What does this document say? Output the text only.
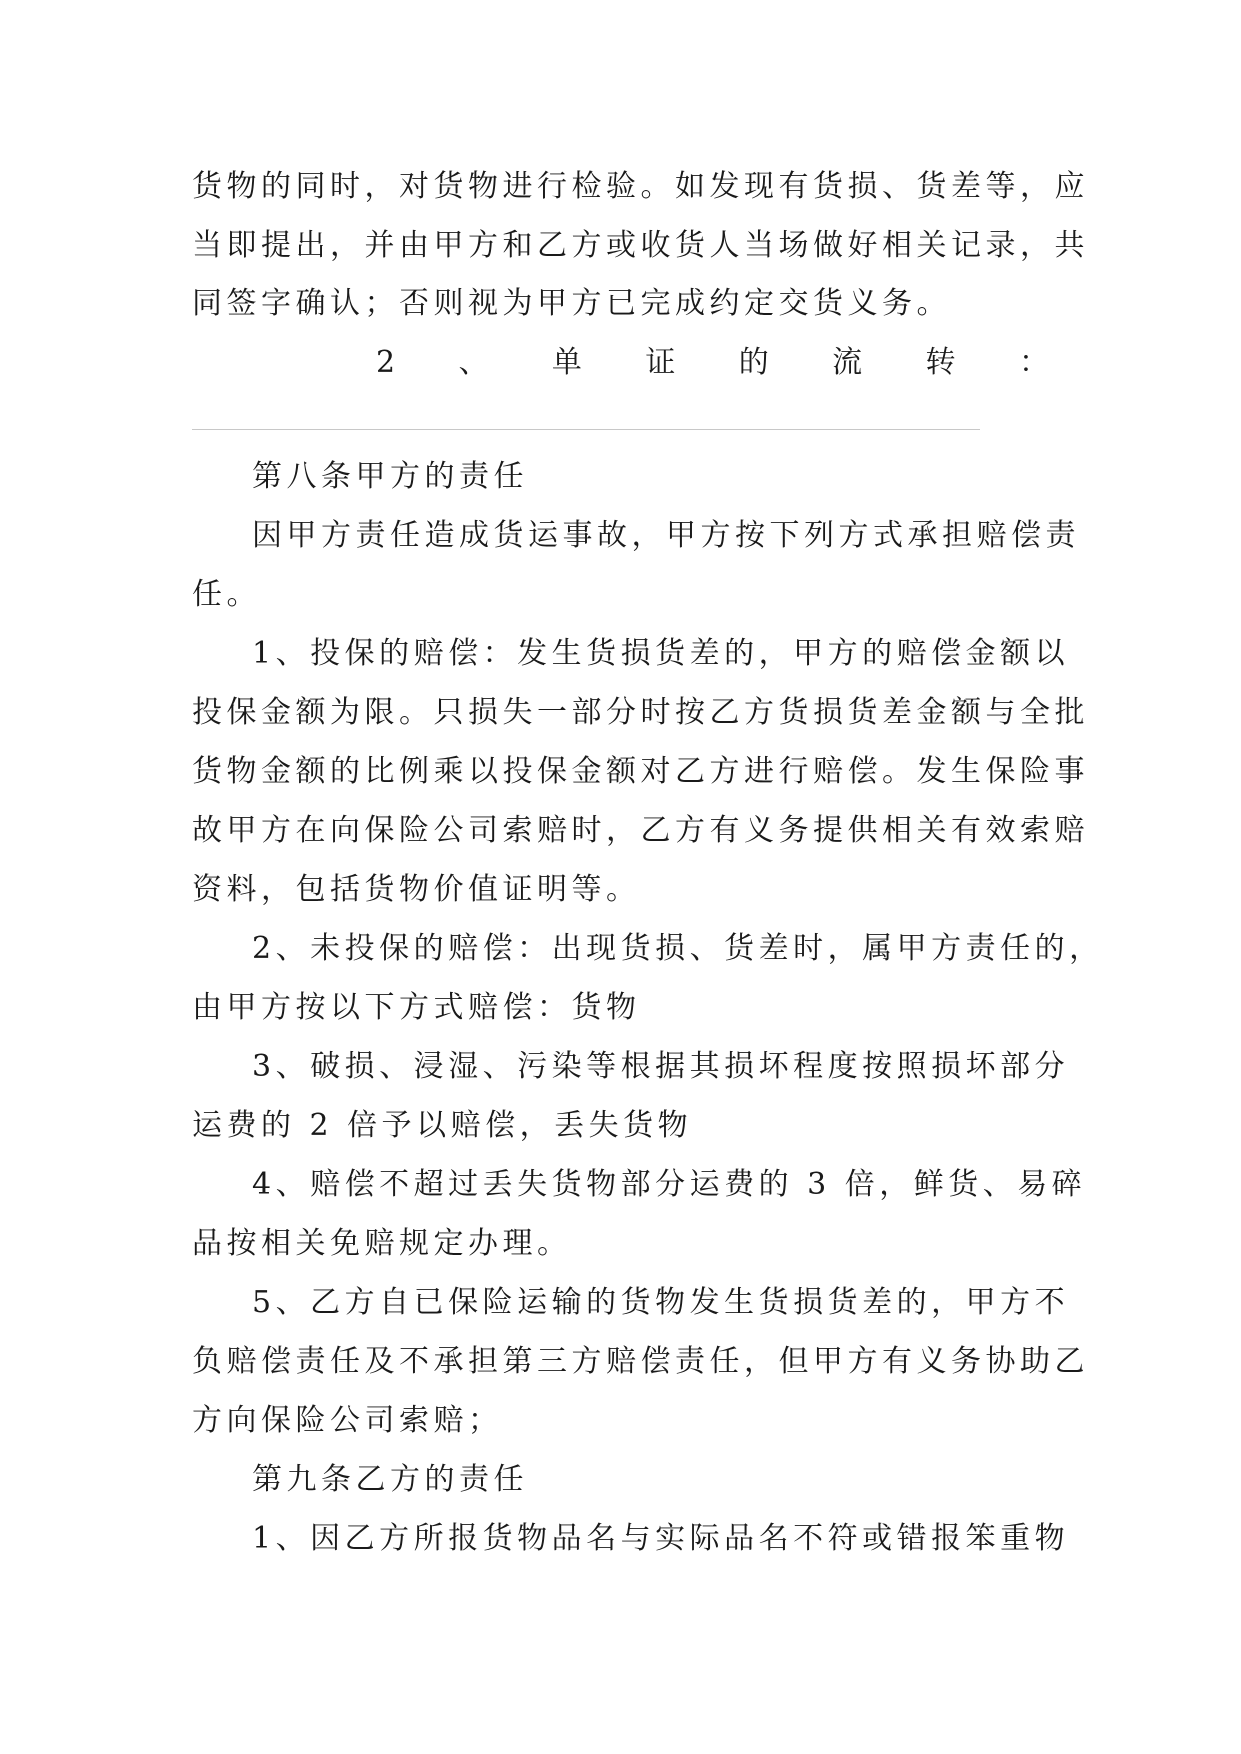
货物的同时，对货物进行检验。如发现有货损、货差等，应
当即提出，并由甲方和乙方或收货人当场做好相关记录，共
同签字确认；否则视为甲方已完成约定交货义务。
2 、 单 证 的 流 转 ：
第八条甲方的责任
因甲方责任造成货运事故，甲方按下列方式承担赔偿责
任。
1、投保的赔偿：发生货损货差的，甲方的赔偿金额以
投保金额为限。只损失一部分时按乙方货损货差金额与全批
货物金额的比例乘以投保金额对乙方进行赔偿。发生保险事
故甲方在向保险公司索赔时，乙方有义务提供相关有效索赔
资料，包括货物价值证明等。
2、未投保的赔偿：出现货损、货差时，属甲方责任的，
由甲方按以下方式赔偿：货物
3、破损、浸湿、污染等根据其损坏程度按照损坏部分
运费的 2 倍予以赔偿，丢失货物
4、赔偿不超过丢失货物部分运费的 3 倍，鲜货、易碎
品按相关免赔规定办理。
5、乙方自已保险运输的货物发生货损货差的，甲方不
负赔偿责任及不承担第三方赔偿责任，但甲方有义务协助乙
方向保险公司索赔；
第九条乙方的责任
1、因乙方所报货物品名与实际品名不符或错报笨重物
